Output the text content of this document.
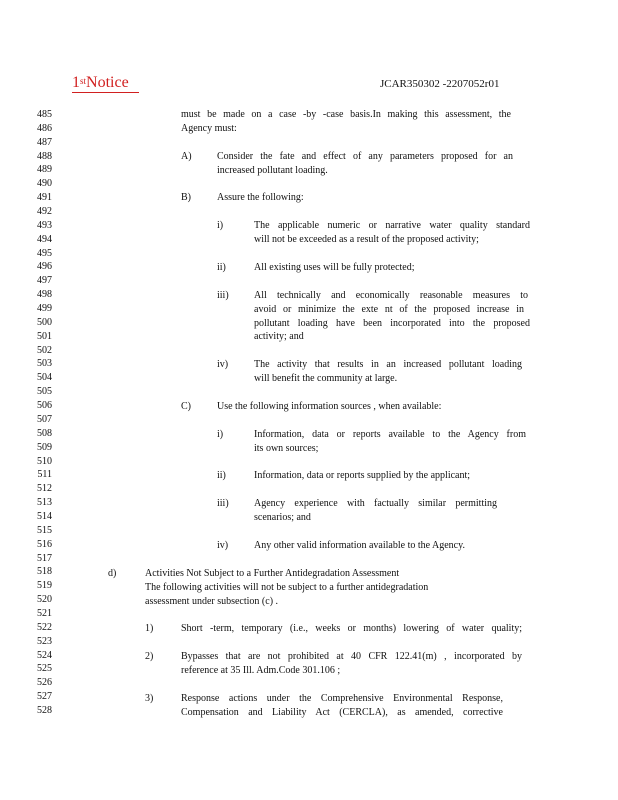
1stNotice	JCAR350302 -2207052r01
485
486
487
488
489
490
491
492
493
494
495
496
497
498
499
500
501
502
503
504
505
506
507
508
509
510
511
512
513
514
515
516
517
518
519
520
521
522
523
524
525
526
527
528
must be made on a case -by -case basis.In making this assessment, the
Agency must:
A)	Consider the fate and effect of any parameters proposed for an
increased pollutant loading.
B)	Assure the following:
i)	The applicable numeric or narrative water quality standard
will not be exceeded as a result of the proposed activity;
ii)	All existing uses will be fully protected;
iii)	All technically and economically reasonable measures to
avoid or minimize the exte nt of the proposed increase in
pollutant loading have been incorporated into the proposed
activity; and
iv)	The activity that results in an increased pollutant loading
will benefit the community at large.
C)	Use the following information sources , when available:
i)	Information, data or reports available to the Agency from
its own sources;
ii)	Information, data or reports supplied by the applicant;
iii)	Agency experience with factually similar permitting
scenarios; and
iv)	Any other valid information available to the Agency.
d)	Activities Not Subject to a Further Antidegradation Assessment
The following activities will not be subject to a further antidegradation
assessment under subsection (c) .
1)	Short -term, temporary (i.e., weeks or months) lowering of water quality;
2)	Bypasses that are not prohibited at 40 CFR 122.41(m) , incorporated by
reference at 35 Ill. Adm.Code 301.106 ;
3)	Response actions under the Comprehensive Environmental Response,
Compensation and Liability Act (CERCLA), as amended, corrective
